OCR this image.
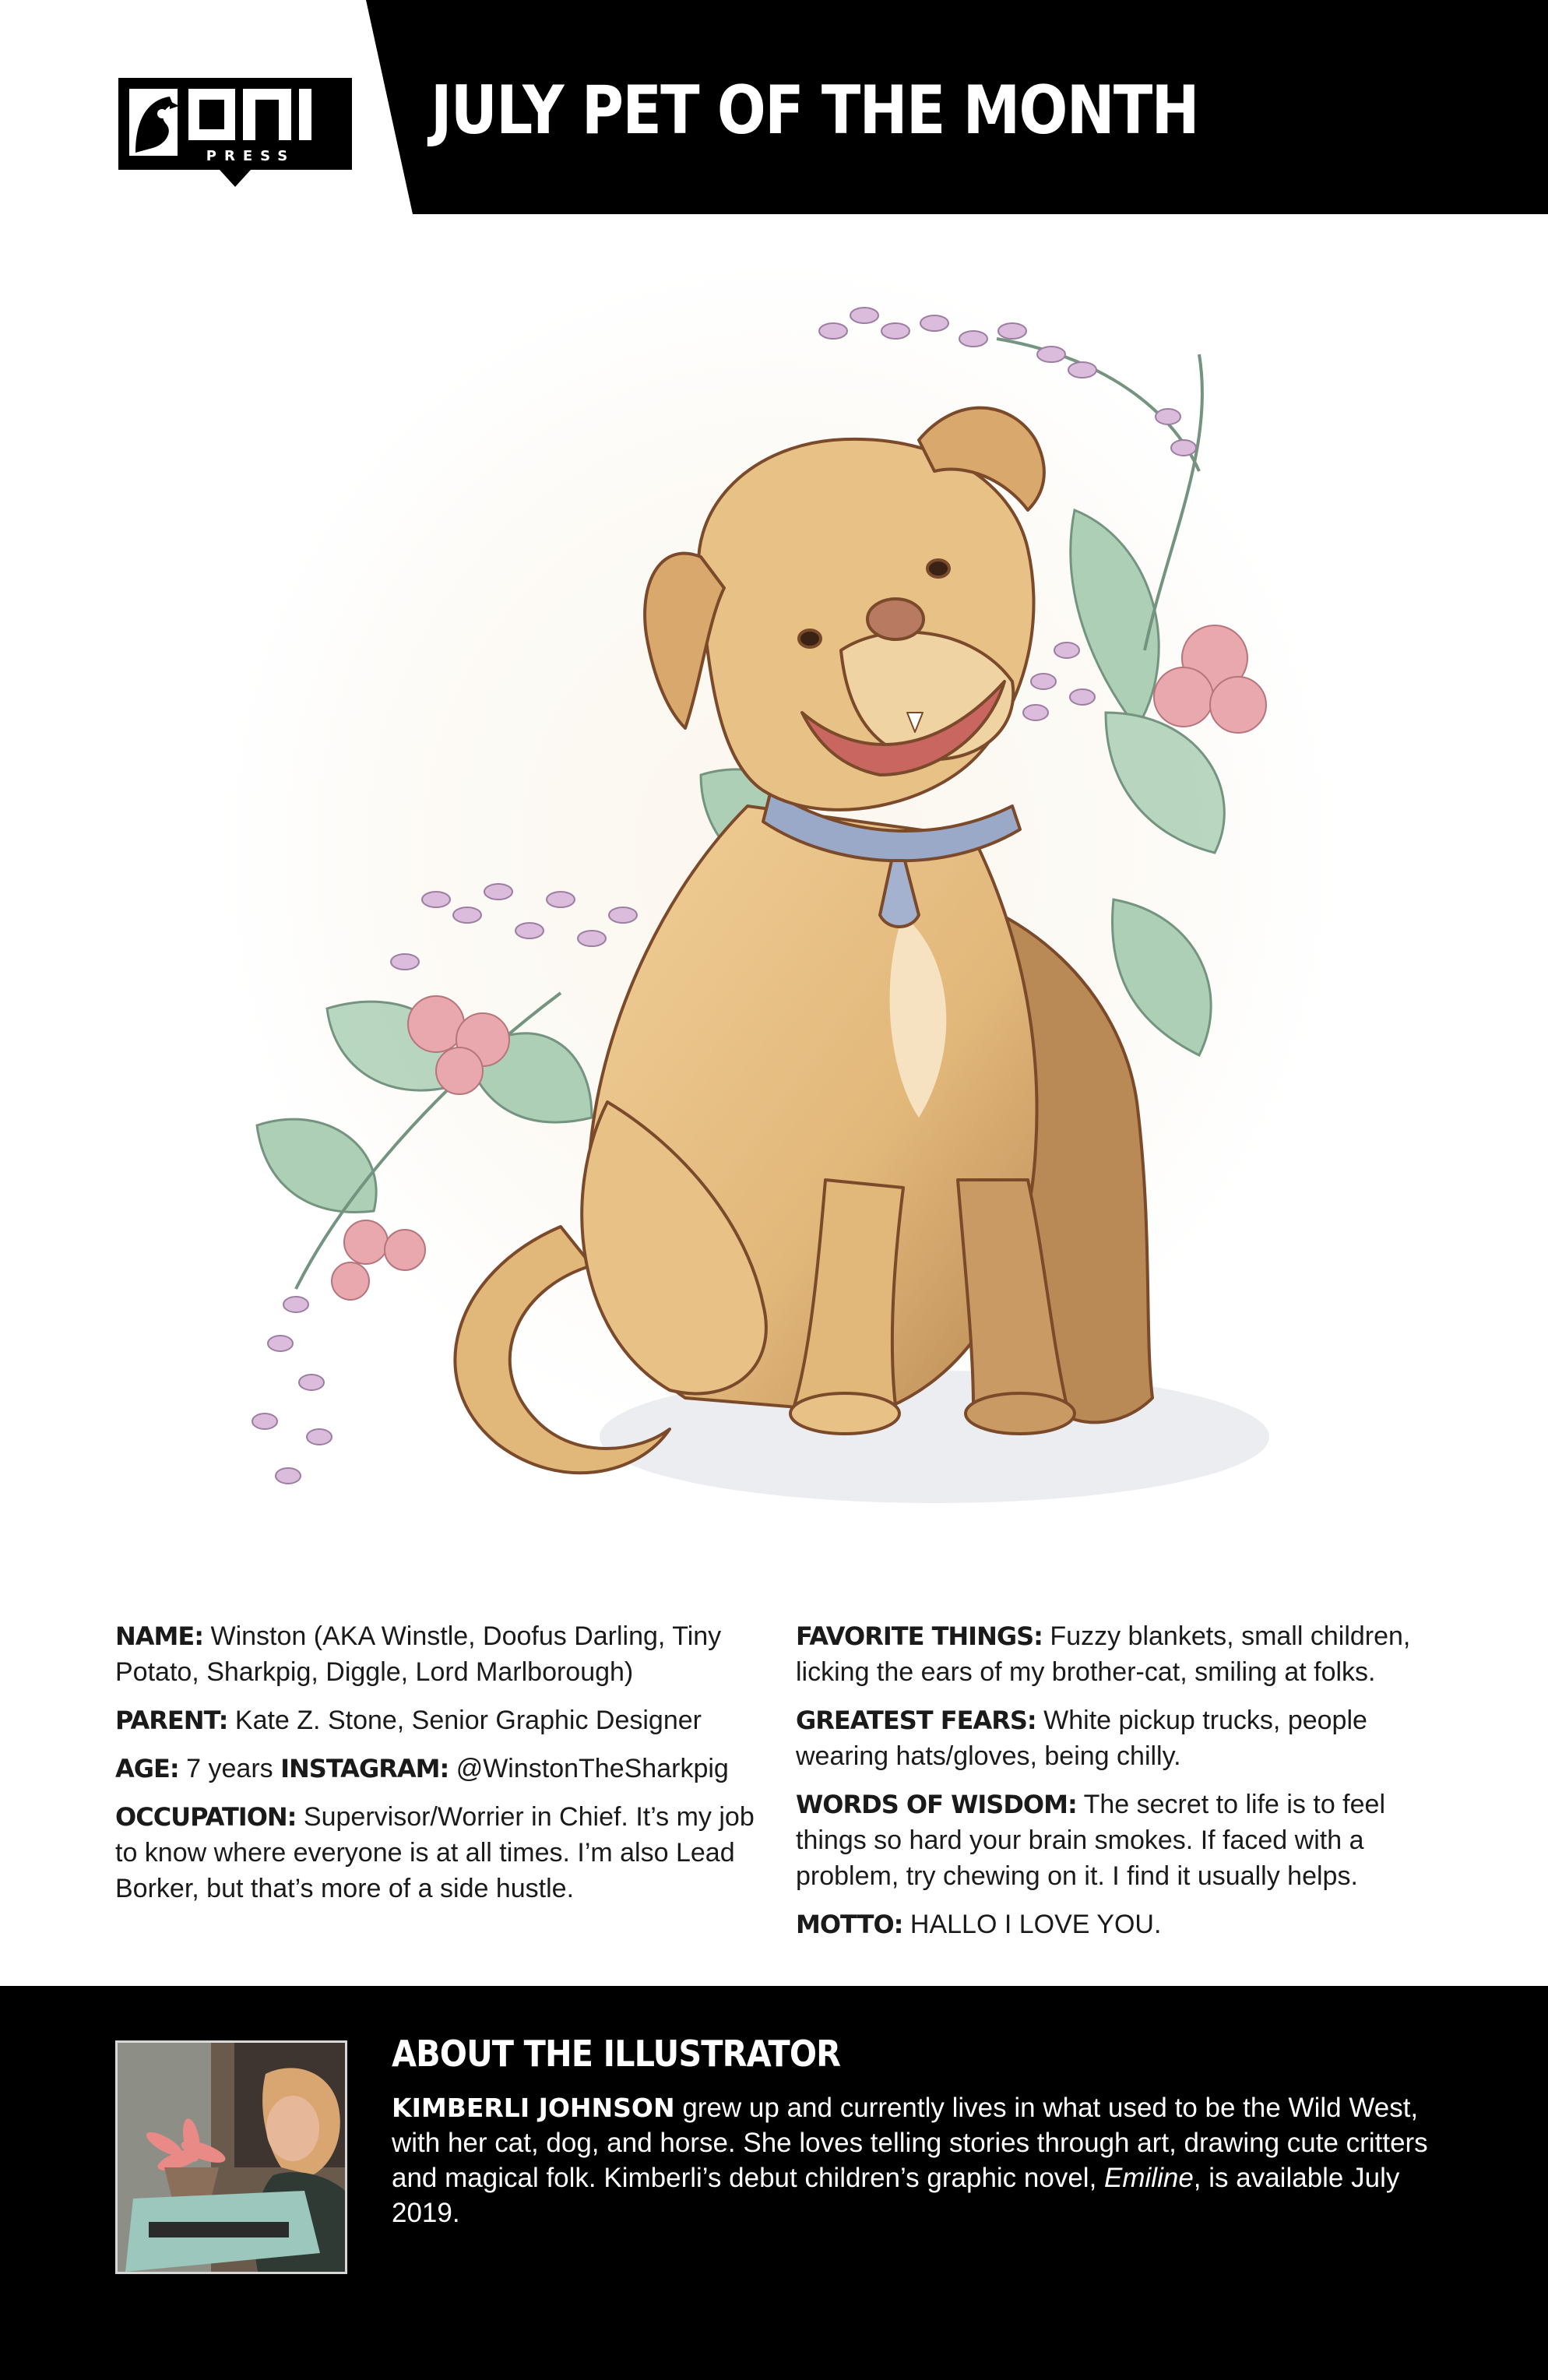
PRESS
JULY PET OF THE MONTH

NAME: Winston (AKA Winstle, Doofus Darling, Tiny Potato, Sharkpig, Diggle, Lord Marlborough)

PARENT: Kate Z. Stone, Senior Graphic Designer

AGE: 7 years INSTAGRAM: @WinstonTheSharkpig

OCCUPATION: Supervisor/Worrier in Chief. It’s my job to know where everyone is at all times. I’m also Lead Borker, but that’s more of a side hustle.

FAVORITE THINGS: Fuzzy blankets, small children, licking the ears of my brother-cat, smiling at folks.

GREATEST FEARS: White pickup trucks, people wearing hats/gloves, being chilly.

WORDS OF WISDOM: The secret to life is to feel things so hard your brain smokes. If faced with a problem, try chewing on it. I find it usually helps.

MOTTO: HALLO I LOVE YOU.

ABOUT THE ILLUSTRATOR
KIMBERLI JOHNSON grew up and currently lives in what used to be the Wild West, with her cat, dog, and horse. She loves telling stories through art, drawing cute critters and magical folk. Kimberli’s debut children’s graphic novel, Emiline, is available July 2019.
